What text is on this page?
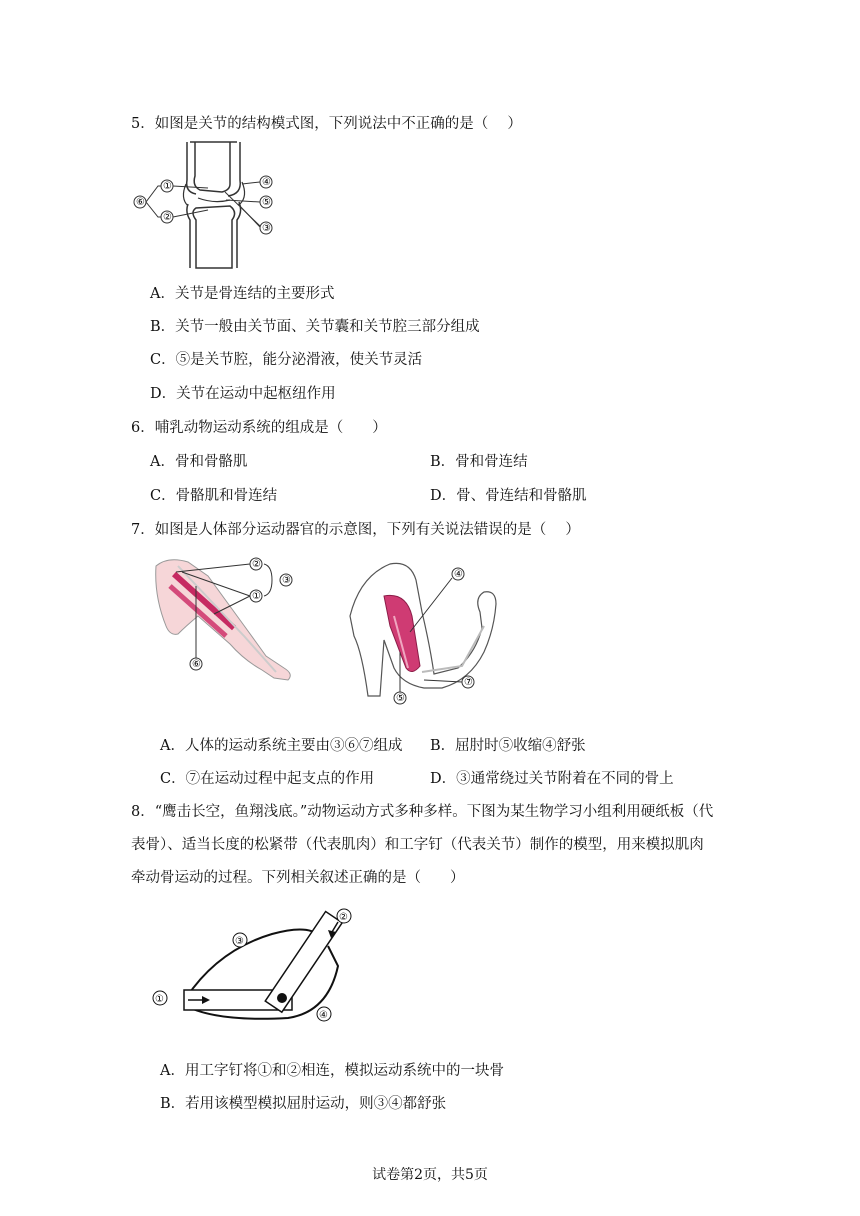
5．如图是关节的结构模式图，下列说法中不正确的是（　 ）
①
②
⑥
④
⑤
③
A．关节是骨连结的主要形式
B．关节一般由关节面、关节囊和关节腔三部分组成
C．⑤是关节腔，能分泌滑液，使关节灵活
D．关节在运动中起枢纽作用
6．哺乳动物运动系统的组成是（　　）
A．骨和骨骼肌	B．骨和骨连结
C．骨骼肌和骨连结	D．骨、骨连结和骨骼肌
7．如图是人体部分运动器官的示意图，下列有关说法错误的是（　 ）
②
①
③
⑥
④
⑤
⑦
A．人体的运动系统主要由③⑥⑦组成 B．屈肘时⑤收缩④舒张
C．⑦在运动过程中起支点的作用	D．③通常绕过关节附着在不同的骨上
8．“鹰击长空，鱼翔浅底。”动物运动方式多种多样。下图为某生物学习小组利用硬纸板（代
表骨）、适当长度的松紧带（代表肌肉）和工字钉（代表关节）制作的模型，用来模拟肌肉
牵动骨运动的过程。下列相关叙述正确的是（　　）
①
②
③
④
A．用工字钉将①和②相连，模拟运动系统中的一块骨
B．若用该模型模拟屈肘运动，则③④都舒张
试卷第2页，共5页
